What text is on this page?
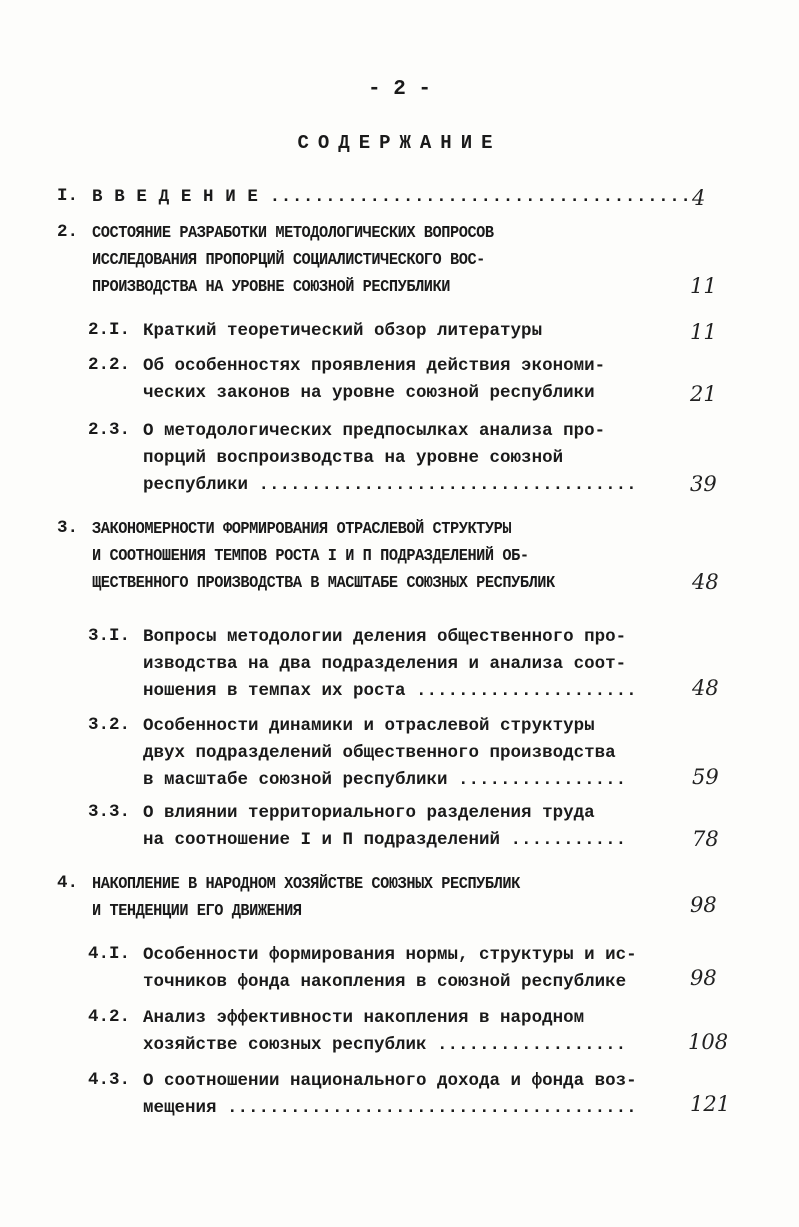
- 2 -
СОДЕРЖАНИЕ
I. В В Е Д Е Н И Е ...................................... 4
2. СОСТОЯНИЕ РАЗРАБОТКИ МЕТОДОЛОГИЧЕСКИХ ВОПРОСОВ
ИССЛЕДОВАНИЯ ПРОПОРЦИЙ СОЦИАЛИСТИЧЕСКОГО ВОС-
ПРОИЗВОДСТВА НА УРОВНЕ СОЮЗНОЙ РЕСПУБЛИКИ	11
2.I. Краткий теоретический обзор литературы	11
2.2. Об особенностях проявления действия экономи-
ческих законов на уровне союзной республики	21
2.3. О методологических предпосылках анализа про-
порций воспроизводства на уровне союзной
республики ....................................	39
3. ЗАКОНОМЕРНОСТИ ФОРМИРОВАНИЯ ОТРАСЛЕВОЙ СТРУКТУРЫ
И СООТНОШЕНИЯ ТЕМПОВ РОСТА I И П ПОДРАЗДЕЛЕНИЙ ОБ-
ЩЕСТВЕННОГО ПРОИЗВОДСТВА В МАСШТАБЕ СОЮЗНЫХ РЕСПУБЛИК	48
3.I. Вопросы методологии деления общественного про-
изводства на два подразделения и анализа соот-
ношения в темпах их роста .....................	48
3.2. Особенности динамики и отраслевой структуры
двух подразделений общественного производства
в масштабе союзной республики ................	59
3.3. О влиянии территориального разделения труда
на соотношение I и П подразделений ...........	78
4. НАКОПЛЕНИЕ В НАРОДНОМ ХОЗЯЙСТВЕ СОЮЗНЫХ РЕСПУБЛИК
И ТЕНДЕНЦИИ ЕГО ДВИЖЕНИЯ	98
4.I. Особенности формирования нормы, структуры и ис-
точников фонда накопления в союзной республике	98
4.2. Анализ эффективности накопления в народном
хозяйстве союзных республик ..................	108
4.3. О соотношении национального дохода и фонда воз-
мещения .......................................	121
